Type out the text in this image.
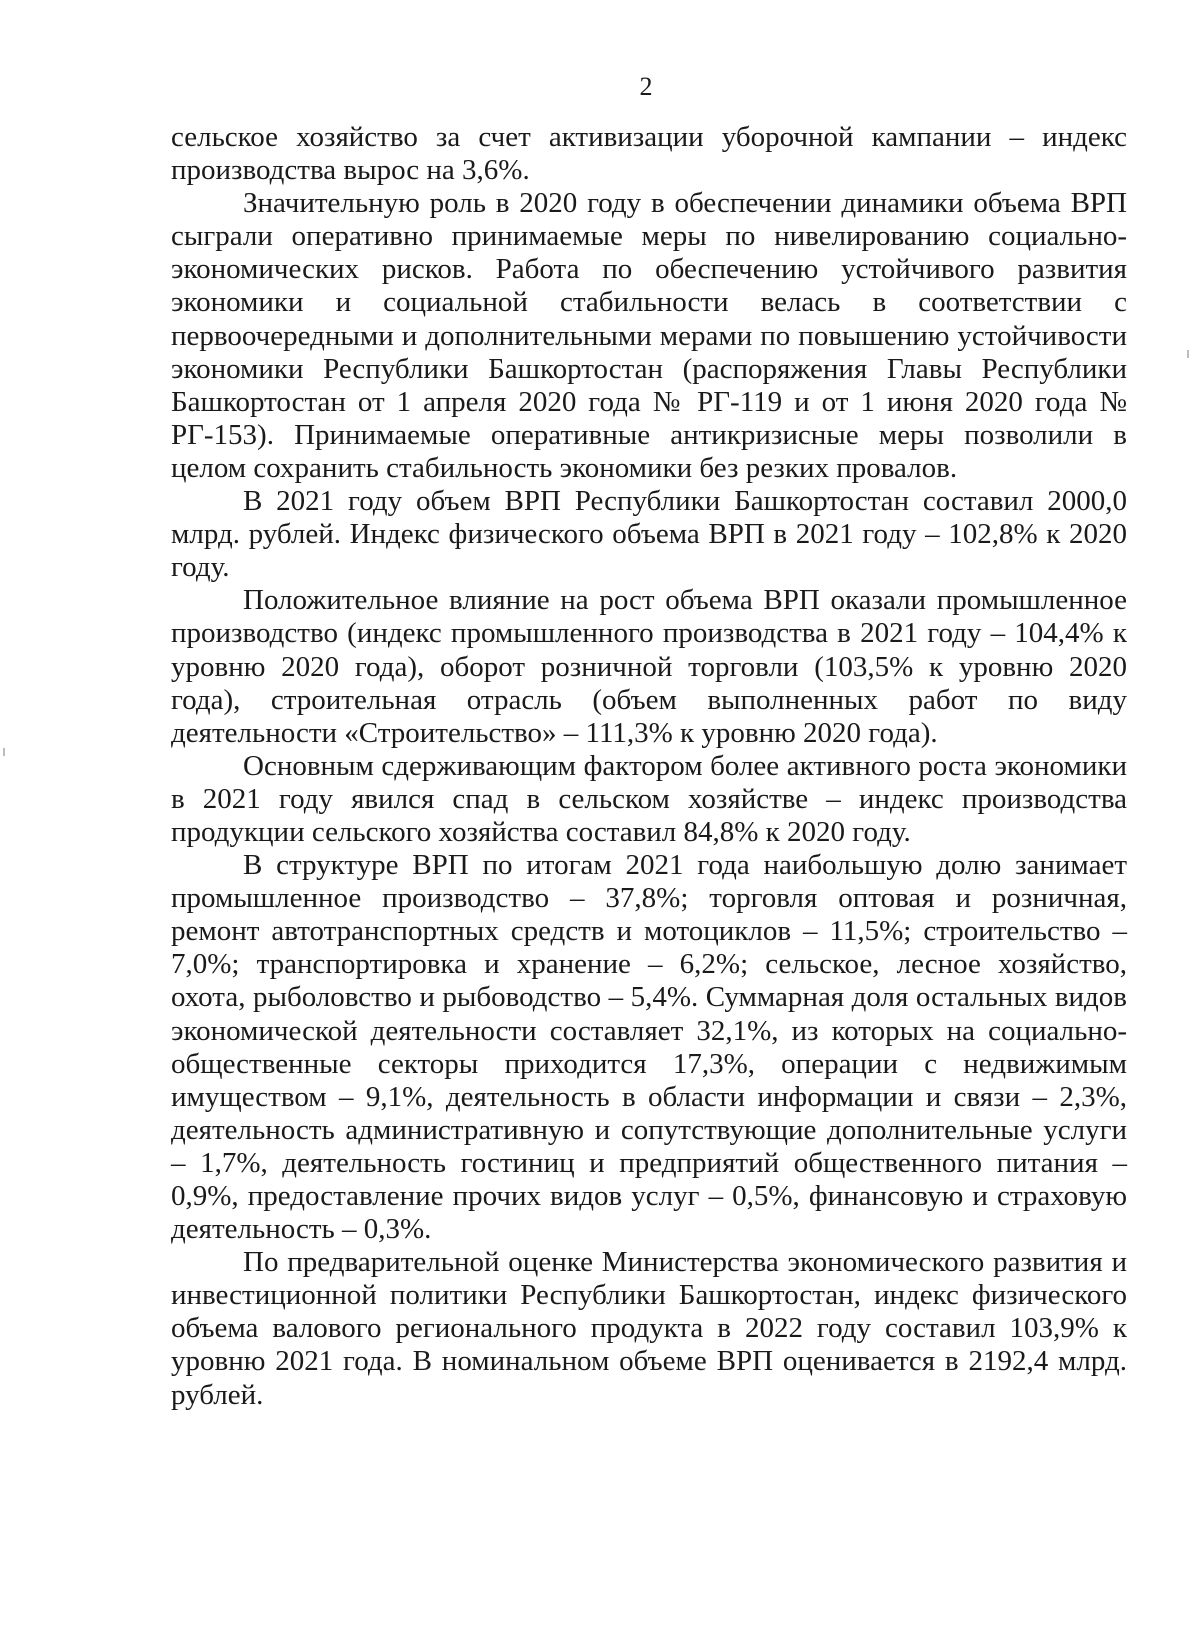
2

сельское хозяйство за счет активизации уборочной кампании – индекс производства вырос на 3,6%.

Значительную роль в 2020 году в обеспечении динамики объема ВРП сыграли оперативно принимаемые меры по нивелированию социально-экономических рисков. Работа по обеспечению устойчивого развития экономики и социальной стабильности велась в соответствии с первоочередными и дополнительными мерами по повышению устойчивости экономики Республики Башкортостан (распоряжения Главы Республики Башкортостан от 1 апреля 2020 года № РГ-119 и от 1 июня 2020 года № РГ-153). Принимаемые оперативные антикризисные меры позволили в целом сохранить стабильность экономики без резких провалов.

В 2021 году объем ВРП Республики Башкортостан составил 2000,0 млрд. рублей. Индекс физического объема ВРП в 2021 году – 102,8% к 2020 году.

Положительное влияние на рост объема ВРП оказали промышленное производство (индекс промышленного производства в 2021 году – 104,4% к уровню 2020 года), оборот розничной торговли (103,5% к уровню 2020 года), строительная отрасль (объем выполненных работ по виду деятельности «Строительство» – 111,3% к уровню 2020 года).

Основным сдерживающим фактором более активного роста экономики в 2021 году явился спад в сельском хозяйстве – индекс производства продукции сельского хозяйства составил 84,8% к 2020 году.

В структуре ВРП по итогам 2021 года наибольшую долю занимает промышленное производство – 37,8%; торговля оптовая и розничная, ремонт автотранспортных средств и мотоциклов – 11,5%; строительство – 7,0%; транспортировка и хранение – 6,2%; сельское, лесное хозяйство, охота, рыболовство и рыбоводство – 5,4%. Суммарная доля остальных видов экономической деятельности составляет 32,1%, из которых на социально-общественные секторы приходится 17,3%, операции с недвижимым имуществом – 9,1%, деятельность в области информации и связи – 2,3%, деятельность административную и сопутствующие дополнительные услуги – 1,7%, деятельность гостиниц и предприятий общественного питания – 0,9%, предоставление прочих видов услуг – 0,5%, финансовую и страховую деятельность – 0,3%.

По предварительной оценке Министерства экономического развития и инвестиционной политики Республики Башкортостан, индекс физического объема валового регионального продукта в 2022 году составил 103,9% к уровню 2021 года. В номинальном объеме ВРП оценивается в 2192,4 млрд. рублей.
